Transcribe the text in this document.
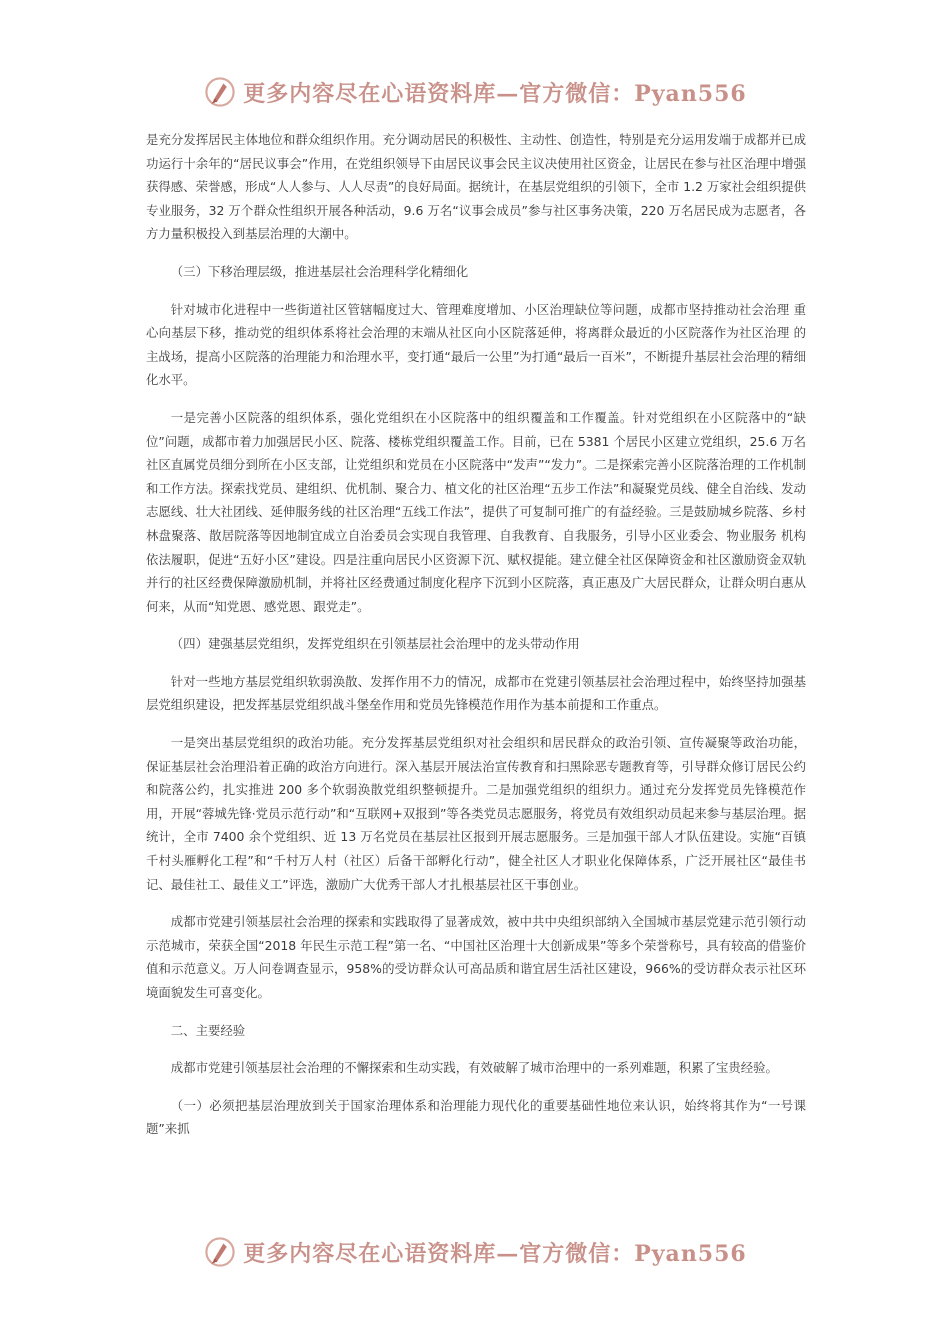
更多内容尽在心语资料库—官方微信：Pyan556

是充分发挥居民主体地位和群众组织作用。充分调动居民的积极性、主动性、创造性，特别是充分运用发端于成都并已成功运行十余年的“居民议事会”作用，在党组织领导下由居民议事会民主议决使用社区资金，让居民在参与社区治理中增强获得感、荣誉感，形成“人人参与、人人尽责”的良好局面。据统计，在基层党组织的引领下，全市 1.2 万家社会组织提供专业服务，32 万个群众性组织开展各种活动，9.6 万名“议事会成员”参与社区事务决策，220 万名居民成为志愿者，各方力量积极投入到基层治理的大潮中。

（三）下移治理层级，推进基层社会治理科学化精细化

针对城市化进程中一些街道社区管辖幅度过大、管理难度增加、小区治理缺位等问题，成都市坚持推动社会治理 重心向基层下移，推动党的组织体系将社会治理的末端从社区向小区院落延伸，将离群众最近的小区院落作为社区治理 的主战场，提高小区院落的治理能力和治理水平，变打通“最后一公里”为打通“最后一百米”，不断提升基层社会治理的精细化水平。

一是完善小区院落的组织体系，强化党组织在小区院落中的组织覆盖和工作覆盖。针对党组织在小区院落中的“缺位”问题，成都市着力加强居民小区、院落、楼栋党组织覆盖工作。目前，已在 5381 个居民小区建立党组织，25.6 万名社区直属党员细分到所在小区支部，让党组织和党员在小区院落中“发声”“发力”。二是探索完善小区院落治理的工作机制和工作方法。探索找党员、建组织、优机制、聚合力、植文化的社区治理“五步工作法”和凝聚党员线、健全自治线、发动志愿线、壮大社团线、延伸服务线的社区治理“五线工作法”，提供了可复制可推广的有益经验。三是鼓励城乡院落、乡村林盘聚落、散居院落等因地制宜成立自治委员会实现自我管理、自我教育、自我服务，引导小区业委会、物业服务 机构依法履职，促进“五好小区”建设。四是注重向居民小区资源下沉、赋权提能。建立健全社区保障资金和社区激励资金双轨并行的社区经费保障激励机制，并将社区经费通过制度化程序下沉到小区院落，真正惠及广大居民群众，让群众明白惠从何来，从而“知党恩、感党恩、跟党走”。

（四）建强基层党组织，发挥党组织在引领基层社会治理中的龙头带动作用

针对一些地方基层党组织软弱涣散、发挥作用不力的情况，成都市在党建引领基层社会治理过程中，始终坚持加强基层党组织建设，把发挥基层党组织战斗堡垒作用和党员先锋模范作用作为基本前提和工作重点。

一是突出基层党组织的政治功能。充分发挥基层党组织对社会组织和居民群众的政治引领、宣传凝聚等政治功能， 保证基层社会治理沿着正确的政治方向进行。深入基层开展法治宣传教育和扫黑除恶专题教育等，引导群众修订居民公约和院落公约，扎实推进 200 多个软弱涣散党组织整顿提升。二是加强党组织的组织力。通过充分发挥党员先锋模范作用，开展“蓉城先锋·党员示范行动”和“互联网+双报到”等各类党员志愿服务，将党员有效组织动员起来参与基层治理。据统计，全市 7400 余个党组织、近 13 万名党员在基层社区报到开展志愿服务。三是加强干部人才队伍建设。实施“百镇千村头雁孵化工程”和“千村万人村（社区）后备干部孵化行动”，健全社区人才职业化保障体系，广泛开展社区“最佳书记、最佳社工、最佳义工”评选，激励广大优秀干部人才扎根基层社区干事创业。

成都市党建引领基层社会治理的探索和实践取得了显著成效，被中共中央组织部纳入全国城市基层党建示范引领行动示范城市，荣获全国“2018 年民生示范工程”第一名、“中国社区治理十大创新成果”等多个荣誉称号，具有较高的借鉴价值和示范意义。万人问卷调查显示，958%的受访群众认可高品质和谐宜居生活社区建设，966%的受访群众表示社区环境面貌发生可喜变化。

二、主要经验

成都市党建引领基层社会治理的不懈探索和生动实践，有效破解了城市治理中的一系列难题，积累了宝贵经验。

（一）必须把基层治理放到关于国家治理体系和治理能力现代化的重要基础性地位来认识，始终将其作为“一号课题”来抓

更多内容尽在心语资料库—官方微信：Pyan556
